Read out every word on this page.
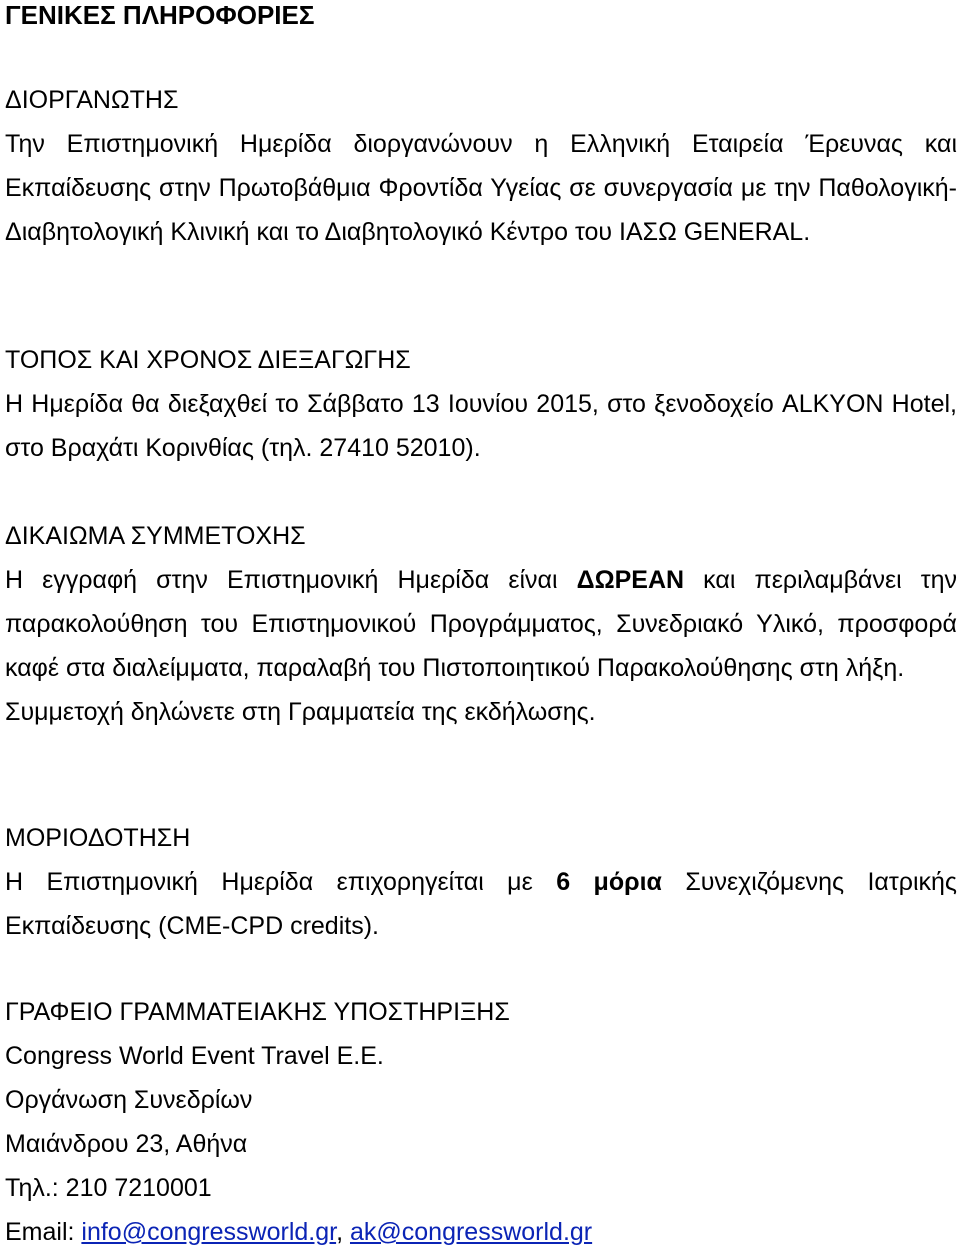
ΓΕΝΙΚΕΣ ΠΛΗΡΟΦΟΡΙΕΣ
ΔΙΟΡΓΑΝΩΤΗΣ

Την Επιστημονική Ημερίδα διοργανώνουν η Ελληνική Εταιρεία Έρευνας και Εκπαίδευσης στην Πρωτοβάθμια Φροντίδα Υγείας σε συνεργασία με την Παθολογική-Διαβητολογική Κλινική και το Διαβητολογικό Κέντρο του ΙΑΣΩ GENERAL.

ΤΟΠΟΣ ΚΑΙ ΧΡΟΝΟΣ ΔΙΕΞΑΓΩΓΗΣ

Η Ημερίδα θα διεξαχθεί το Σάββατο 13 Ιουνίου 2015, στο ξενοδοχείο ALKYON Hotel, στο Βραχάτι Κορινθίας (τηλ. 27410 52010).

ΔΙΚΑΙΩΜΑ ΣΥΜΜΕΤΟΧΗΣ

Η εγγραφή στην Επιστημονική Ημερίδα είναι ΔΩΡΕΑΝ και περιλαμβάνει την παρακολούθηση του Επιστημονικού Προγράμματος, Συνεδριακό Υλικό, προσφορά καφέ στα διαλείμματα, παραλαβή του Πιστοποιητικού Παρακολούθησης στη λήξη.

Συμμετοχή δηλώνετε στη Γραμματεία της εκδήλωσης.

ΜΟΡΙΟΔΟΤΗΣΗ

Η Επιστημονική Ημερίδα επιχορηγείται με 6 μόρια Συνεχιζόμενης Ιατρικής Εκπαίδευσης (CME-CPD credits).

ΓΡΑΦΕΙΟ ΓΡΑΜΜΑΤΕΙΑΚΗΣ ΥΠΟΣΤΗΡΙΞΗΣ

Congress World Event Travel E.E.

Οργάνωση Συνεδρίων

Μαιάνδρου 23, Αθήνα

Τηλ.: 210 7210001

Email: info@congressworld.gr, ak@congressworld.gr
